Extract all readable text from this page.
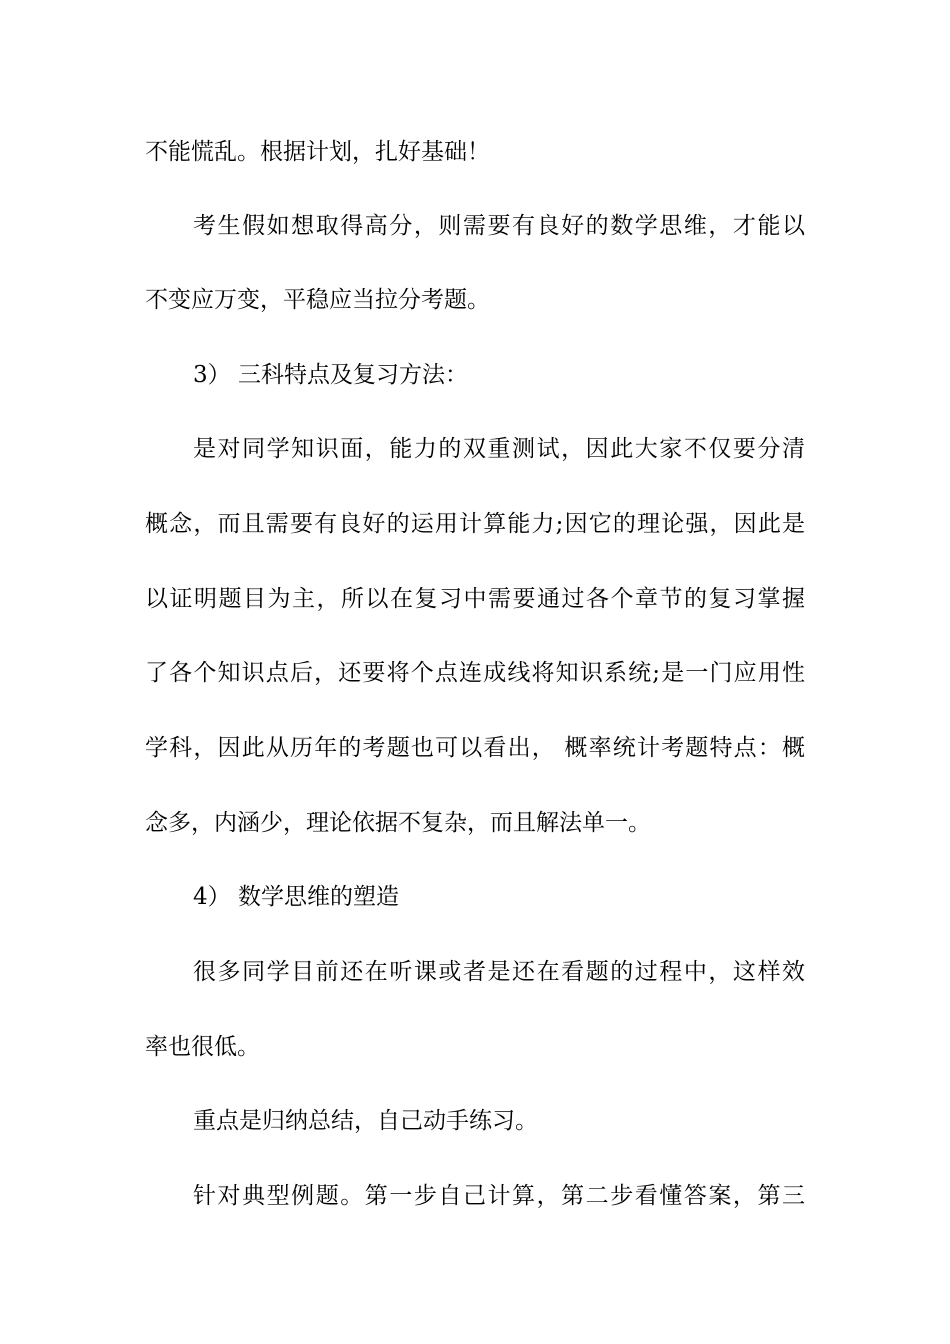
不能慌乱。根据计划，扎好基础！
考生假如想取得高分，则需要有良好的数学思维，才能以
不变应万变，平稳应当拉分考题。
3） 三科特点及复习方法：
是对同学知识面，能力的双重测试，因此大家不仅要分清
概念，而且需要有良好的运用计算能力;因它的理论强，因此是
以证明题目为主，所以在复习中需要通过各个章节的复习掌握
了各个知识点后，还要将个点连成线将知识系统;是一门应用性
学科，因此从历年的考题也可以看出， 概率统计考题特点：概
念多，内涵少，理论依据不复杂，而且解法单一。
4） 数学思维的塑造
很多同学目前还在听课或者是还在看题的过程中，这样效
率也很低。
重点是归纳总结，自己动手练习。
针对典型例题。第一步自己计算，第二步看懂答案，第三
